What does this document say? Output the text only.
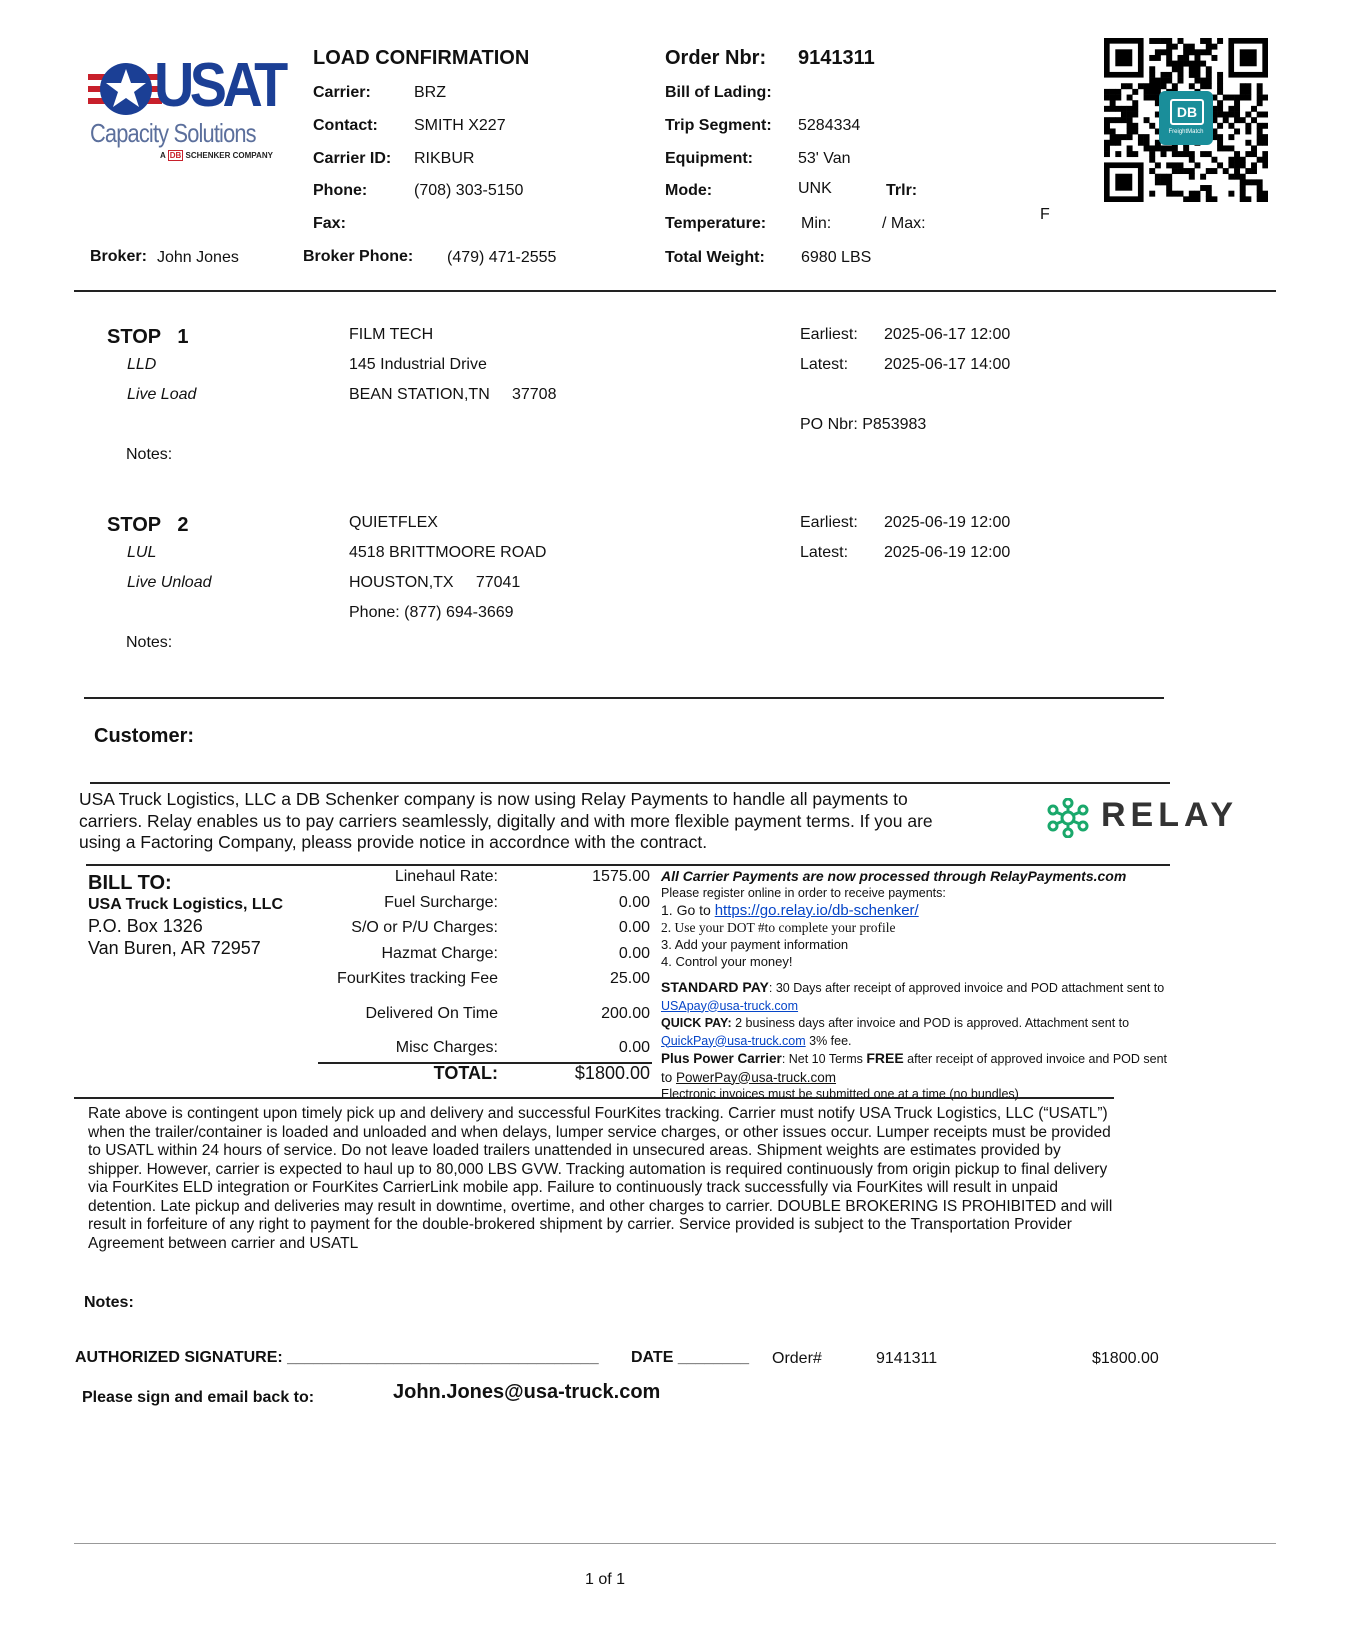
USAT
Capacity Solutions
A DB SCHENKER COMPANY
LOAD CONFIRMATION
Carrier:	BRZ
Contact: SMITH X227
Carrier ID: RIKBUR
Phone:	(708) 303-5150
Fax:
Broker: John Jones	Broker Phone: (479) 471-2555
Order Nbr: 9141311
Bill of Lading:
Trip Segment: 5284334
Equipment:	53' Van
Mode:	UNK	Trlr:
Temperature: Min:	/ Max:
F
Total Weight: 6980 LBS
DB
FreightMatch
STOP   1
LLD
Live Load
Notes:
FILM TECH
145 Industrial Drive
BEAN STATION,TN     37708
Earliest: 2025-06-17 12:00
Latest: 2025-06-17 14:00
PO Nbr: P853983
STOP   2
LUL
Live Unload
Notes:
QUIETFLEX
4518 BRITTMOORE ROAD
HOUSTON,TX     77041
Phone: (877) 694-3669
Earliest: 2025-06-19 12:00
Latest: 2025-06-19 12:00
Customer:
USA Truck Logistics, LLC a DB Schenker company is now using Relay Payments to handle all payments to
carriers. Relay enables us to pay carriers seamlessly, digitally and with more flexible payment terms. If you are
using a Factoring Company, pleass provide notice in accordnce with the contract.
RELAY
BILL TO:
USA Truck Logistics, LLC
P.O. Box 1326
Van Buren, AR 72957
Linehaul Rate:	1575.00
Fuel Surcharge:	0.00
S/O or P/U Charges:	0.00
Hazmat Charge:	0.00
FourKites tracking Fee	25.00
Delivered On Time	200.00
Misc Charges:	0.00
TOTAL:	$1800.00
All Carrier Payments are now processed through RelayPayments.com
Please register online in order to receive payments:
1. Go to https://go.relay.io/db-schenker/
2. Use your DOT #to complete your profile
3. Add your payment information
4. Control your money!
STANDARD PAY: 30 Days after receipt of approved invoice and POD attachment sent to
USApay@usa-truck.com
QUICK PAY: 2 business days after invoice and POD is approved. Attachment sent to
QuickPay@usa-truck.com 3% fee.
Plus Power Carrier: Net 10 Terms FREE after receipt of approved invoice and POD sent
to PowerPay@usa-truck.com
Electronic invoices must be submitted one at a time (no bundles)
Rate above is contingent upon timely pick up and delivery and successful FourKites tracking. Carrier must notify USA Truck Logistics, LLC (“USATL”)
when the trailer/container is loaded and unloaded and when delays, lumper service charges, or other issues occur. Lumper receipts must be provided
to USATL within 24 hours of service. Do not leave loaded trailers unattended in unsecured areas. Shipment weights are estimates provided by
shipper. However, carrier is expected to haul up to 80,000 LBS GVW. Tracking automation is required continuously from origin pickup to final delivery
via FourKites ELD integration or FourKites CarrierLink mobile app. Failure to continuously track successfully via FourKites will result in unpaid
detention. Late pickup and deliveries may result in downtime, overtime, and other charges to carrier. DOUBLE BROKERING IS PROHIBITED and will
result in forfeiture of any right to payment for the double-brokered shipment by carrier. Service provided is subject to the Transportation Provider
Agreement between carrier and USATL
Notes:
AUTHORIZED SIGNATURE: ___________________________________ DATE ________ Order#	9141311	$1800.00
Please sign and email back to:	John.Jones@usa-truck.com
1 of 1
